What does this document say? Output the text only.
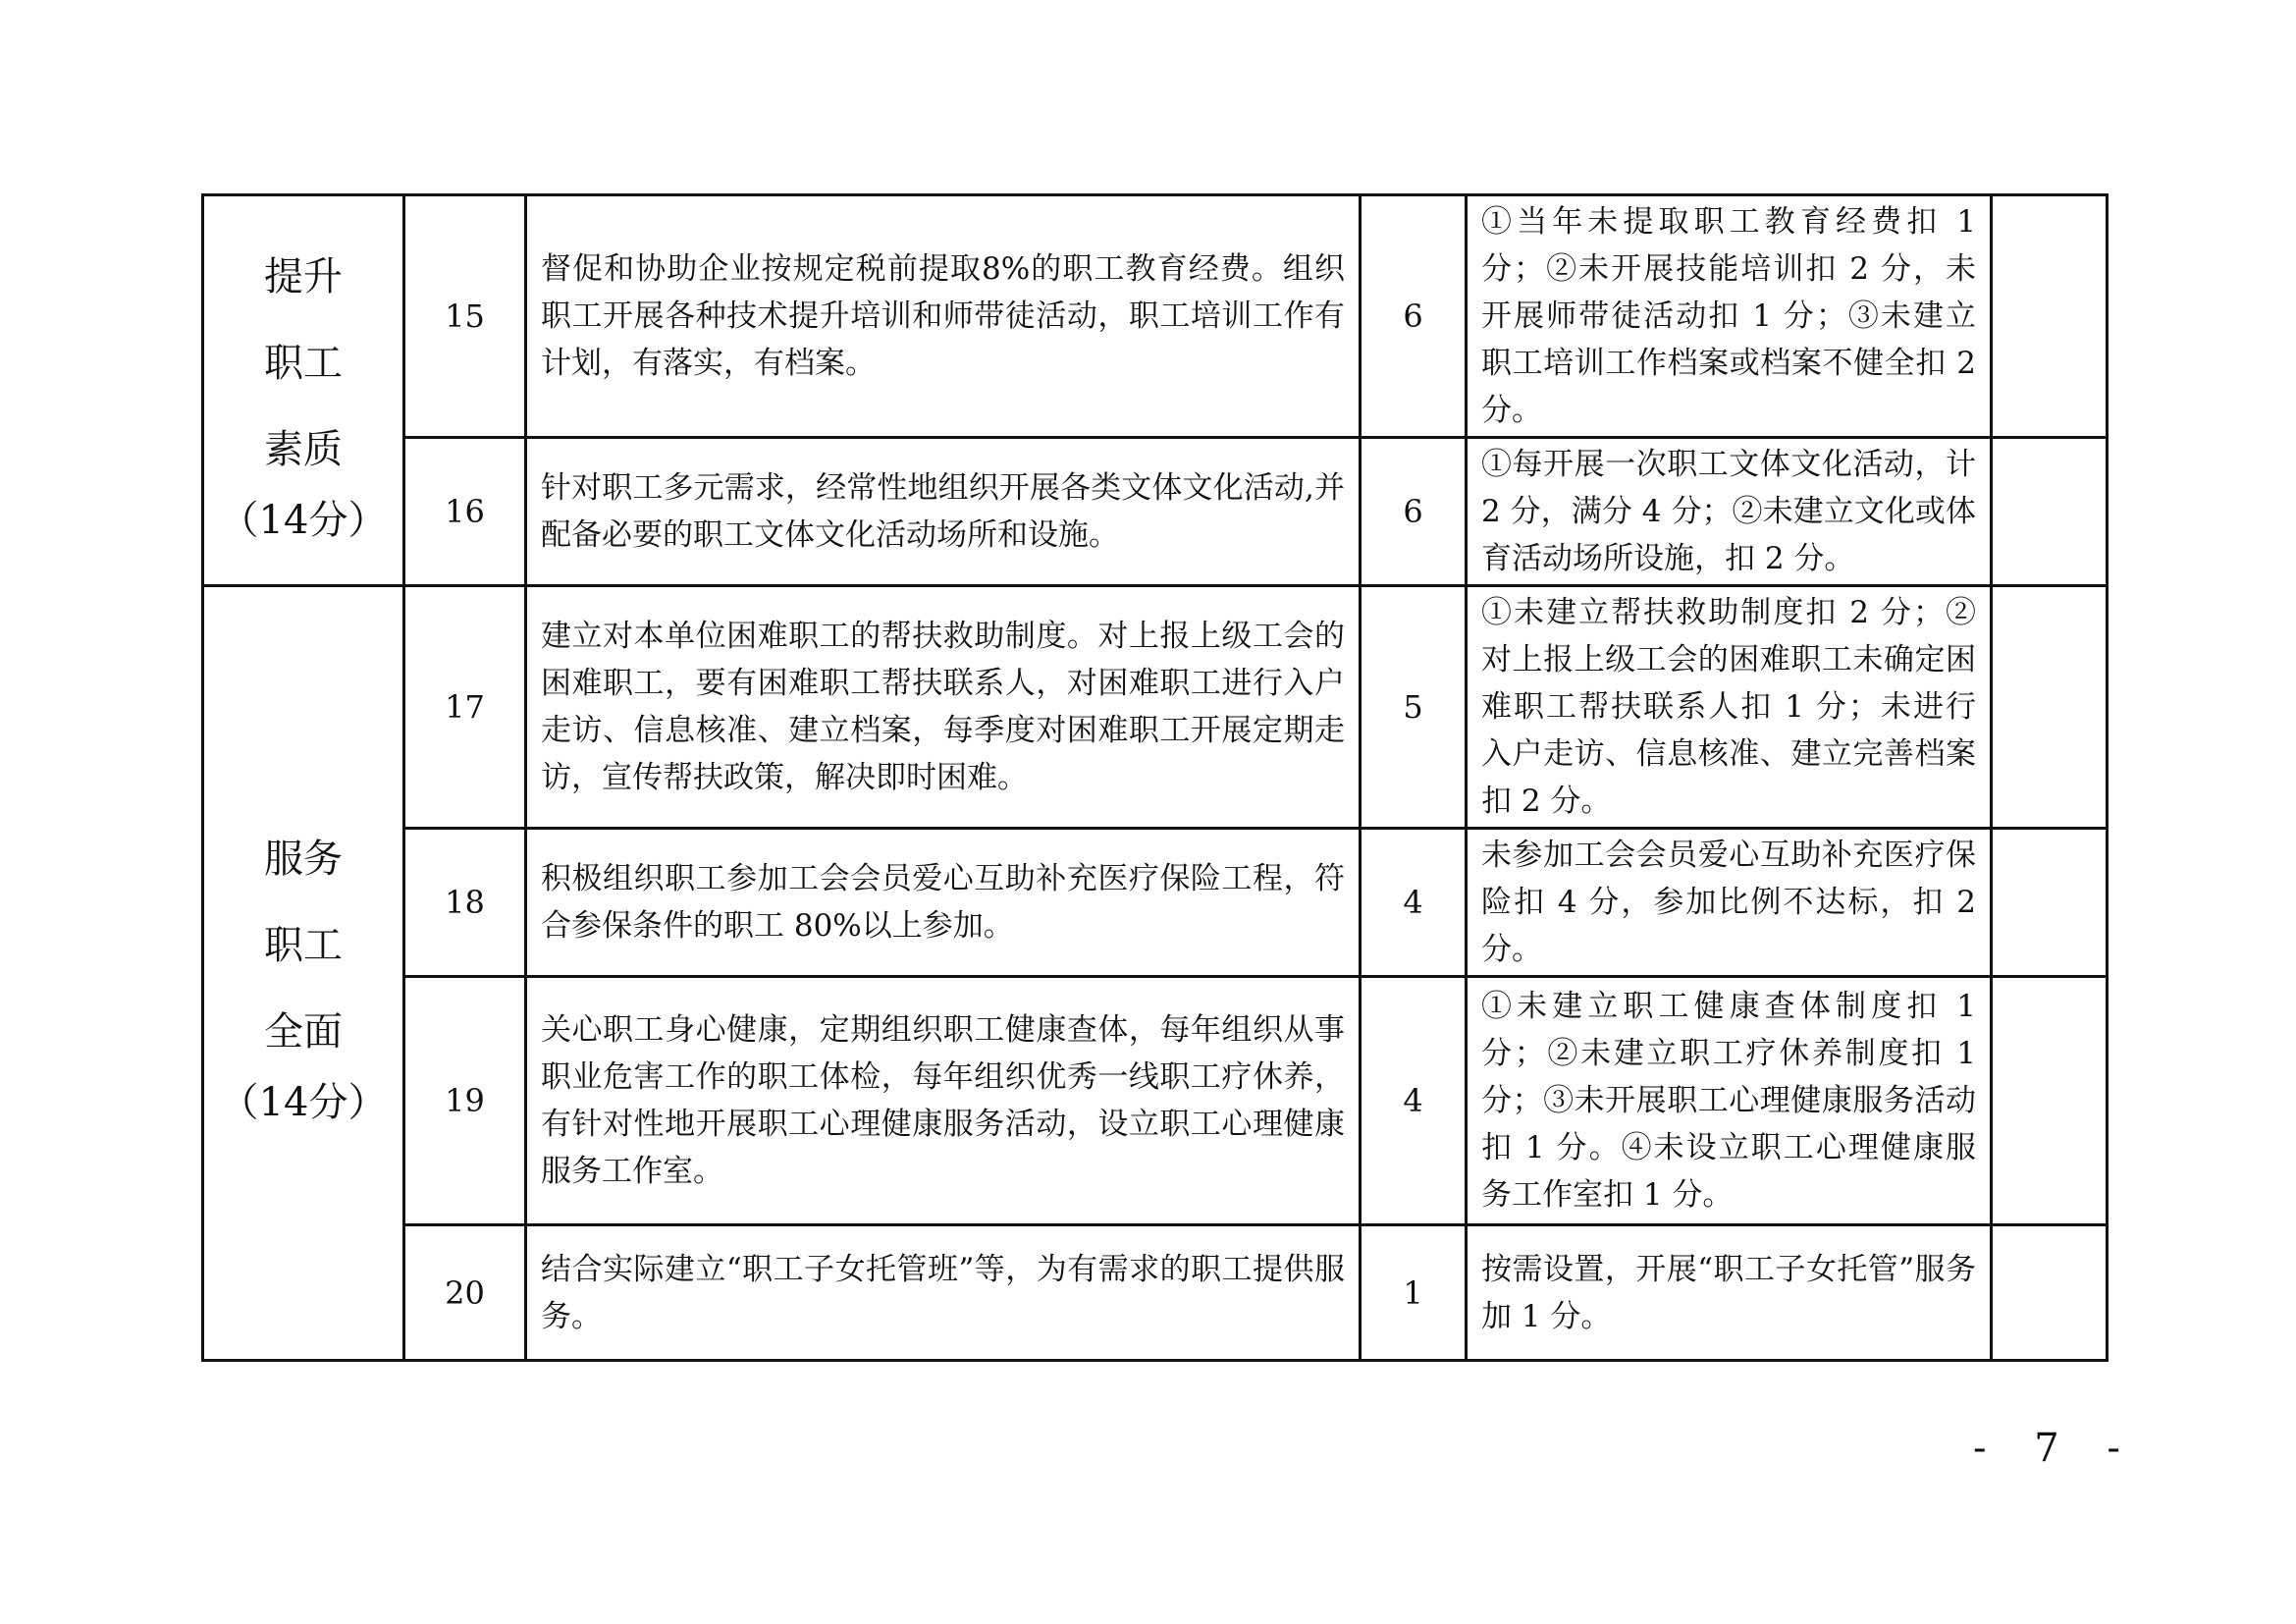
提升
职工
素质
（14分）	15	督促和协助企业按规定税前提取8%的职工教育经费。组织职工开展各种技术提升培训和师带徒活动，职工培训工作有计划，有落实，有档案。	6	①当年未提取职工教育经费扣 1 分；②未开展技能培训扣 2 分，未开展师带徒活动扣 1 分；③未建立职工培训工作档案或档案不健全扣 2 分。	
	16	针对职工多元需求，经常性地组织开展各类文体文化活动,并配备必要的职工文体文化活动场所和设施。	6	①每开展一次职工文体文化活动，计 2 分，满分 4 分；②未建立文化或体育活动场所设施，扣 2 分。	

服务
职工
全面
（14分）	17	建立对本单位困难职工的帮扶救助制度。对上报上级工会的困难职工，要有困难职工帮扶联系人，对困难职工进行入户走访、信息核准、建立档案，每季度对困难职工开展定期走访，宣传帮扶政策，解决即时困难。	5	①未建立帮扶救助制度扣 2 分；②对上报上级工会的困难职工未确定困难职工帮扶联系人扣 1 分；未进行入户走访、信息核准、建立完善档案扣 2 分。	
	18	积极组织职工参加工会会员爱心互助补充医疗保险工程，符合参保条件的职工 80%以上参加。	4	未参加工会会员爱心互助补充医疗保险扣 4 分，参加比例不达标，扣 2 分。	
	19	关心职工身心健康，定期组织职工健康查体，每年组织从事职业危害工作的职工体检，每年组织优秀一线职工疗休养，有针对性地开展职工心理健康服务活动，设立职工心理健康服务工作室。	4	①未建立职工健康查体制度扣 1 分；②未建立职工疗休养制度扣 1 分；③未开展职工心理健康服务活动扣 1 分。④未设立职工心理健康服务工作室扣 1 分。	
	20	结合实际建立“职工子女托管班”等，为有需求的职工提供服务。	1	按需设置，开展“职工子女托管”服务加 1 分。	
- 7 -
